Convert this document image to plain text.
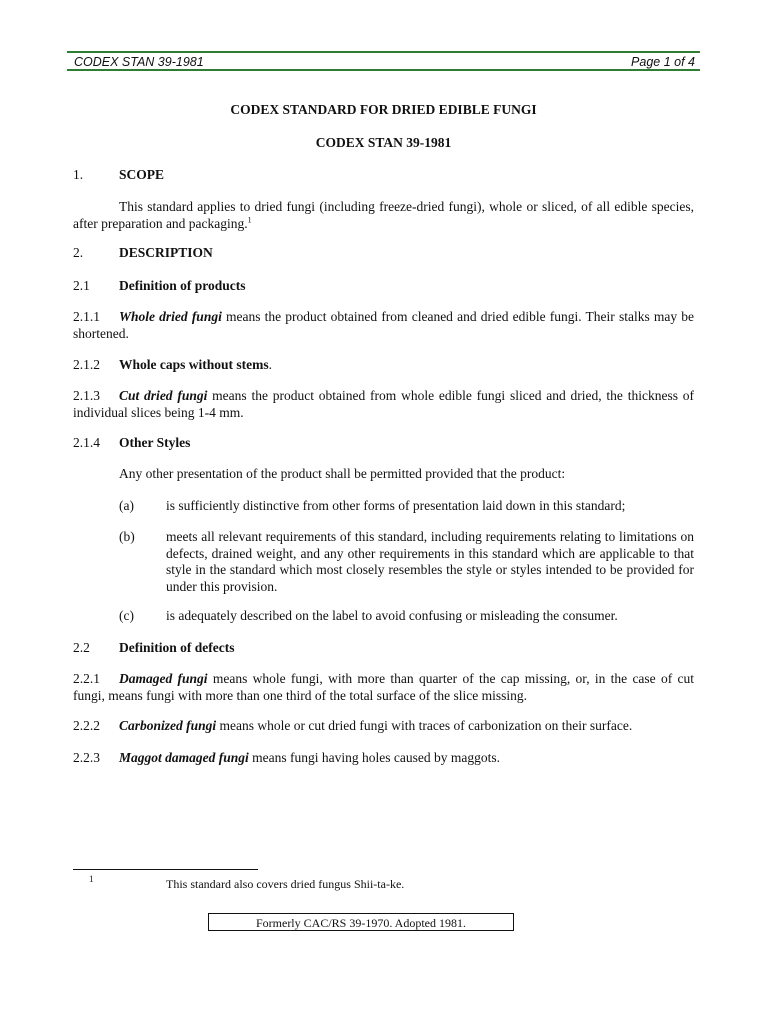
CODEX STAN 39-1981	Page 1 of 4
CODEX STANDARD FOR DRIED EDIBLE FUNGI
CODEX STAN 39-1981
1.	SCOPE
This standard applies to dried fungi (including freeze-dried fungi), whole or sliced, of all edible species, after preparation and packaging.$^1$
2.	DESCRIPTION
2.1 Definition of products
2.1.1 Whole dried fungi means the product obtained from cleaned and dried edible fungi. Their stalks may be shortened.
2.1.2 Whole caps without stems.
2.1.3 Cut dried fungi means the product obtained from whole edible fungi sliced and dried, the thickness of individual slices being 1-4 mm.
2.1.4 Other Styles
Any other presentation of the product shall be permitted provided that the product:
(a) is sufficiently distinctive from other forms of presentation laid down in this standard;
(b) meets all relevant requirements of this standard, including requirements relating to limitations on defects, drained weight, and any other requirements in this standard which are applicable to that style in the standard which most closely resembles the style or styles intended to be provided for under this provision.
(c) is adequately described on the label to avoid confusing or misleading the consumer.
2.2 Definition of defects
2.2.1 Damaged fungi means whole fungi, with more than quarter of the cap missing, or, in the case of cut fungi, means fungi with more than one third of the total surface of the slice missing.
2.2.2 Carbonized fungi means whole or cut dried fungi with traces of carbonization on their surface.
2.2.3 Maggot damaged fungi means fungi having holes caused by maggots.
1	This standard also covers dried fungus Shii-ta-ke.
Formerly CAC/RS 39-1970. Adopted 1981.
